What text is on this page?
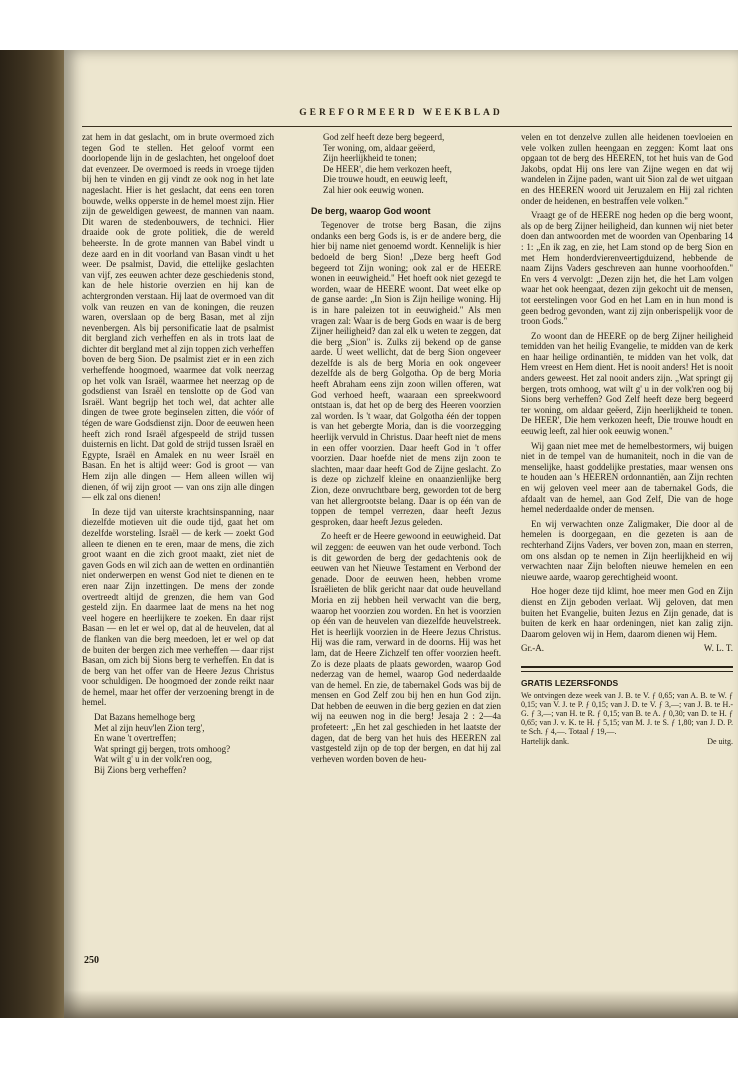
GEREFORMEERD WEEKBLAD

zat hem in dat geslacht, om in brute overmoed zich tegen God te stellen. Het geloof vormt een doorlopende lijn in de geslachten, het ongeloof doet dat evenzeer. De overmoed is reeds in vroege tijden bij hen te vinden en gij vindt ze ook nog in het late nageslacht. Hier is het geslacht, dat eens een toren bouwde, welks opperste in de hemel moest zijn. Hier zijn de geweldigen geweest, de mannen van naam. Dit waren de stedenbouwers, de technici. Hier draaide ook de grote politiek, die de wereld beheerste. In de grote mannen van Babel vindt u deze aard en in dit voorland van Basan vindt u het weer. De psalmist, David, die ettelijke geslachten van vijf, zes eeuwen achter deze geschiedenis stond, kan de hele historie overzien en hij kan de achtergronden verstaan. Hij laat de overmoed van dit volk van reuzen en van de koningen, die reuzen waren, overslaan op de berg Basan, met al zijn nevenbergen. Als bij personificatie laat de psalmist dit bergland zich verheffen en als in trots laat de dichter dit bergland met al zijn toppen zich verheffen boven de berg Sion. De psalmist ziet er in een zich verheffende hoogmoed, waarmee dat volk neerzag op het volk van Israël, waarmee het neerzag op de godsdienst van Israël en tenslotte op de God van Israël. Want begrijp het toch wel, dat achter alle dingen de twee grote beginselen zitten, die vóór of tégen de ware Godsdienst zijn. Door de eeuwen heen heeft zich rond Israël afgespeeld de strijd tussen duisternis en licht. Dat gold de strijd tussen Israël en Egypte, Israël en Amalek en nu weer Israël en Basan. En het is altijd weer: God is groot — van Hem zijn alle dingen — Hem alleen willen wij dienen, óf wij zijn groot — van ons zijn alle dingen — elk zal ons dienen!

In deze tijd van uiterste krachtsinspanning, naar diezelfde motieven uit die oude tijd, gaat het om dezelfde worsteling. Israël — de kerk — zoekt God alleen te dienen en te eren, maar de mens, die zich groot waant en die zich groot maakt, ziet niet de gaven Gods en wil zich aan de wetten en ordinantiën niet onderwerpen en wenst God niet te dienen en te eren naar Zijn inzettingen. De mens der zonde overtreedt altijd de grenzen, die hem van God gesteld zijn. En daarmee laat de mens na het nog veel hogere en heerlijkere te zoeken. En daar rijst Basan — en let er wel op, dat al de heuvelen, dat al de flanken van die berg meedoen, let er wel op dat de buiten der bergen zich mee verheffen — daar rijst Basan, om zich bij Sions berg te verheffen. En dat is de berg van het offer van de Heere Jezus Christus voor schuldigen. De hoogmoed der zonde reikt naar de hemel, maar het offer der verzoening brengt in de hemel.

Dat Bazans hemelhoge berg
Met al zijn heuv'len Zion terg',
En wane 't overtreffen;
Wat springt gij bergen, trots omhoog?
Wat wilt g' u in der volk'ren oog,
Bij Zions berg verheffen?
God zelf heeft deze berg begeerd,
Ter woning, om, aldaar geëerd,
Zijn heerlijkheid te tonen;
De HEER', die hem verkozen heeft,
Die trouwe houdt, en eeuwig leeft,
Zal hier ook eeuwig wonen.
De berg, waarop God woont

Tegenover de trotse berg Basan, die zijns ondanks een berg Gods is, is er de andere berg, die hier bij name niet genoemd wordt. Kennelijk is hier bedoeld de berg Sion! „Deze berg heeft God begeerd tot Zijn woning; ook zal er de HEERE wonen in eeuwigheid." Het hoeft ook niet gezegd te worden, waar de HEERE woont. Dat weet elke op de ganse aarde: „In Sion is Zijn heilige woning. Hij is in hare paleizen tot in eeuwigheid." Als men vragen zal: Waar is de berg Gods en waar is de berg Zijner heiligheid? dan zal elk u weten te zeggen, dat die berg „Sion" is. Zulks zij bekend op de ganse aarde. U weet wellicht, dat de berg Sion ongeveer dezelfde is als de berg Moria en ook ongeveer dezelfde als de berg Golgotha. Op de berg Moria heeft Abraham eens zijn zoon willen offeren, wat God verhoed heeft, waaraan een spreekwoord ontstaan is, dat het op de berg des Heeren voorzien zal worden. Is 't waar, dat Golgotha één der toppen is van het gebergte Moria, dan is die voorzegging heerlijk vervuld in Christus. Daar heeft niet de mens in een offer voorzien. Daar heeft God in 't offer voorzien. Daar hoefde niet de mens zijn zoon te slachten, maar daar heeft God de Zijne geslacht. Zo is deze op zichzelf kleine en onaanzienlijke berg Zion, deze onvruchtbare berg, geworden tot de berg van het allergrootste belang. Daar is op één van de toppen de tempel verrezen, daar heeft Jezus gesproken, daar heeft Jezus geleden.

Zo heeft er de Heere gewoond in eeuwigheid. Dat wil zeggen: de eeuwen van het oude verbond. Toch is dit geworden de berg der gedachtenis ook de eeuwen van het Nieuwe Testament en Verbond der genade. Door de eeuwen heen, hebben vrome Israëlieten de blik gericht naar dat oude heuvelland Moria en zij hebben heil verwacht van die berg, waarop het voorzien zou worden. En het is voorzien op één van de heuvelen van diezelfde heuvelstreek. Het is heerlijk voorzien in de Heere Jezus Christus. Hij was die ram, verward in de doorns. Hij was het lam, dat de Heere Zichzelf ten offer voorzien heeft. Zo is deze plaats de plaats geworden, waarop God nederzag van de hemel, waarop God nederdaalde van de hemel. En zie, de tabernakel Gods was bij de mensen en God Zelf zou bij hen en hun God zijn. Dat hebben de eeuwen in die berg gezien en dat zien wij na eeuwen nog in die berg! Jesaja 2 : 2—4a profeteert: „En het zal geschieden in het laatste der dagen, dat de berg van het huis des HEEREN zal vastgesteld zijn op de top der bergen, en dat hij zal verheven worden boven de heu-

velen en tot denzelve zullen alle heidenen toevloeien en vele volken zullen heengaan en zeggen: Komt laat ons opgaan tot de berg des HEEREN, tot het huis van de God Jakobs, opdat Hij ons lere van Zijne wegen en dat wij wandelen in Zijne paden, want uit Sion zal de wet uitgaan en des HEEREN woord uit Jeruzalem en Hij zal richten onder de heidenen, en bestraffen vele volken."

Vraagt ge of de HEERE nog heden op die berg woont, als op de berg Zijner heiligheid, dan kunnen wij niet beter doen dan antwoorden met de woorden van Openbaring 14 : 1: „En ik zag, en zie, het Lam stond op de berg Sion en met Hem honderdvierenveertigduizend, hebbende de naam Zijns Vaders geschreven aan hunne voorhoofden." En vers 4 vervolgt: „Dezen zijn het, die het Lam volgen waar het ook heengaat, dezen zijn gekocht uit de mensen, tot eerstelingen voor God en het Lam en in hun mond is geen bedrog gevonden, want zij zijn onberispelijk voor de troon Gods."

Zo woont dan de HEERE op de berg Zijner heiligheid temidden van het heilig Evangelie, te midden van de kerk en haar heilige ordinantiën, te midden van het volk, dat Hem vreest en Hem dient. Het is nooit anders! Het is nooit anders geweest. Het zal nooit anders zijn. „Wat springt gij bergen, trots omhoog, wat wilt g' u in der volk'ren oog bij Sions berg verheffen? God Zelf heeft deze berg begeerd ter woning, om aldaar geëerd, Zijn heerlijkheid te tonen. De HEER', Die hem verkozen heeft, Die trouwe houdt en eeuwig leeft, zal hier ook eeuwig wonen."

Wij gaan niet mee met de hemelbestormers, wij buigen niet in de tempel van de humaniteit, noch in die van de menselijke, haast goddelijke prestaties, maar wensen ons te houden aan 's HEEREN ordonnantiën, aan Zijn rechten en wij geloven veel meer aan de tabernakel Gods, die afdaalt van de hemel, aan God Zelf, Die van de hoge hemel nederdaalde onder de mensen.

En wij verwachten onze Zaligmaker, Die door al de hemelen is doorgegaan, en die gezeten is aan de rechterhand Zijns Vaders, ver boven zon, maan en sterren, om ons alsdan op te nemen in Zijn heerlijkheid en wij verwachten naar Zijn beloften nieuwe hemelen en een nieuwe aarde, waarop gerechtigheid woont.

Hoe hoger deze tijd klimt, hoe meer men God en Zijn dienst en Zijn geboden verlaat. Wij geloven, dat men buiten het Evangelie, buiten Jezus en Zijn genade, dat is buiten de kerk en haar ordeningen, niet kan zalig zijn. Daarom geloven wij in Hem, daarom dienen wij Hem.

Gr.-A.	W. L. T.
GRATIS LEZERSFONDS
We ontvingen deze week van J. B. te V. ƒ 0,65; van A. B. te W. ƒ 0,15; van V. J. te P. ƒ 0,15; van J. D. te V. ƒ 3,—; van J. B. te H.-G. ƒ 3,—; van H. te R. ƒ 0,15; van B. te A. ƒ 0,30; van D. te H. ƒ 0,65; van J. v. K. te H. ƒ 5,15; van M. J. te S. ƒ 1,80; van J. D. P. te Sch. ƒ 4,—. Totaal ƒ 19,—.
Hartelijk dank.	De uitg.
250
